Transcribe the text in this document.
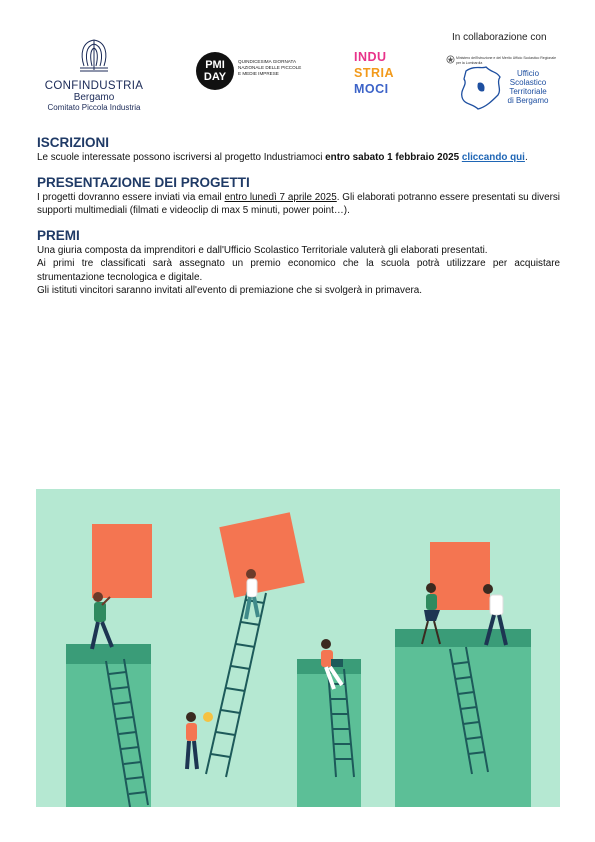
CONFINDUSTRIA
Bergamo
Comitato Piccola Industria
PMI
DAY
QUINDICESIMA GIORNATA NAZIONALE DELLE PICCOLE E MEDIE IMPRESE
INDU
STRIA
MOCI
In collaborazione con
Ministero dell'Istruzione e del Merito Ufficio Scolastico Regionale per la Lombardia
Ufficio
Scolastico
Territoriale
di Bergamo
ISCRIZIONI

Le scuole interessate possono iscriversi al progetto Industriamoci entro sabato 1 febbraio 2025 cliccando qui.

PRESENTAZIONE DEI PROGETTI

I progetti dovranno essere inviati via email entro lunedì 7 aprile 2025. Gli elaborati potranno essere presentati su diversi supporti multimediali (filmati e videoclip di max 5 minuti, power point…).

PREMI

Una giuria composta da imprenditori e dall'Ufficio Scolastico Territoriale valuterà gli elaborati presentati.

Ai primi tre classificati sarà assegnato un premio economico che la scuola potrà utilizzare per acquistare strumentazione tecnologica e digitale.

Gli istituti vincitori saranno invitati all'evento di premiazione che si svolgerà in primavera.
